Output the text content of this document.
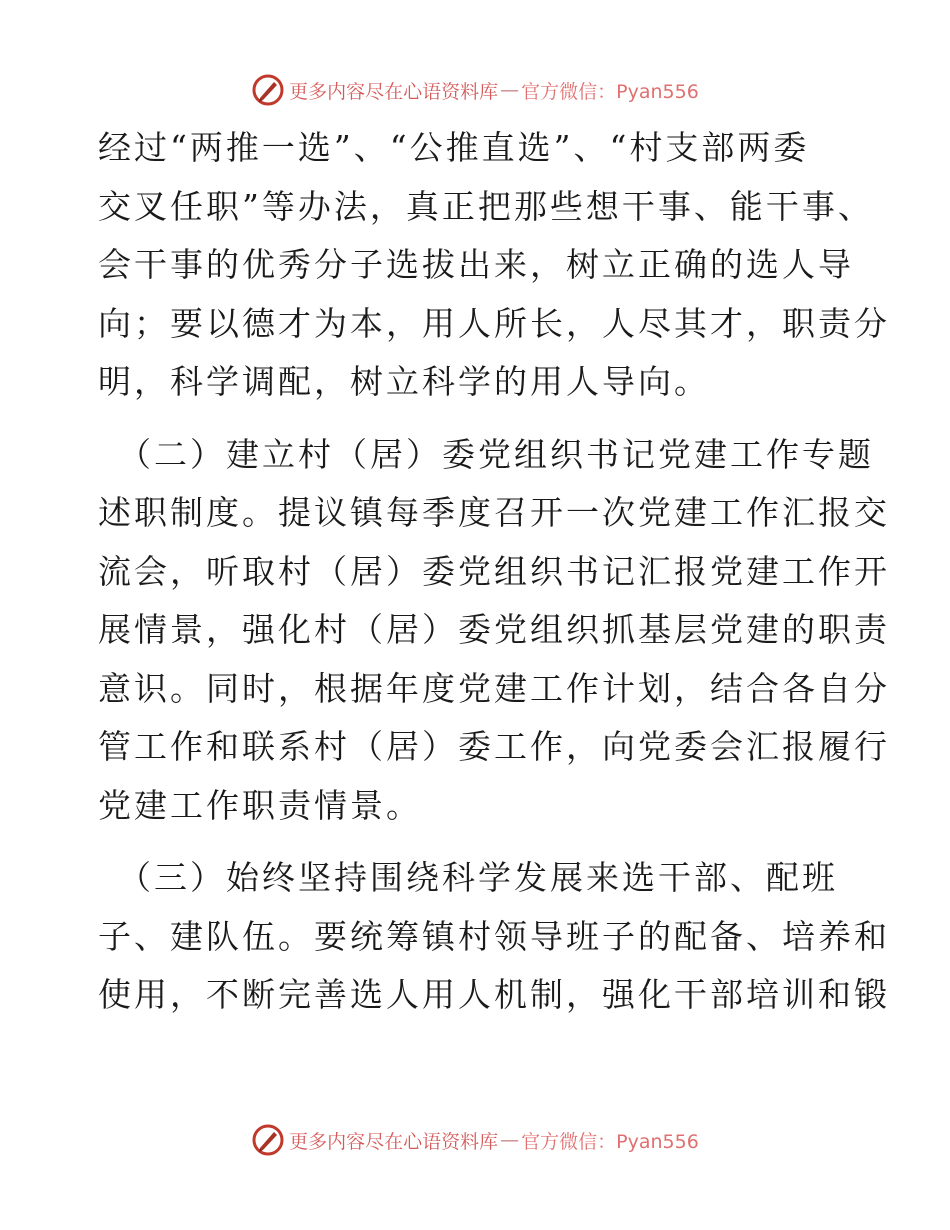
更多内容尽在心语资料库 — 官方微信：Pyan556

经过“两推一选”、“公推直选”、“村支部两委
交叉任职”等办法，真正把那些想干事、能干事、
会干事的优秀分子选拔出来，树立正确的选人导
向；要以德才为本，用人所长，人尽其才，职责分
明，科学调配，树立科学的用人导向。

（二）建立村（居）委党组织书记党建工作专题
述职制度。提议镇每季度召开一次党建工作汇报交
流会，听取村（居）委党组织书记汇报党建工作开
展情景，强化村（居）委党组织抓基层党建的职责
意识。同时，根据年度党建工作计划，结合各自分
管工作和联系村（居）委工作，向党委会汇报履行
党建工作职责情景。

（三）始终坚持围绕科学发展来选干部、配班
子、建队伍。要统筹镇村领导班子的配备、培养和
使用，不断完善选人用人机制，强化干部培训和锻

更多内容尽在心语资料库 — 官方微信：Pyan556
